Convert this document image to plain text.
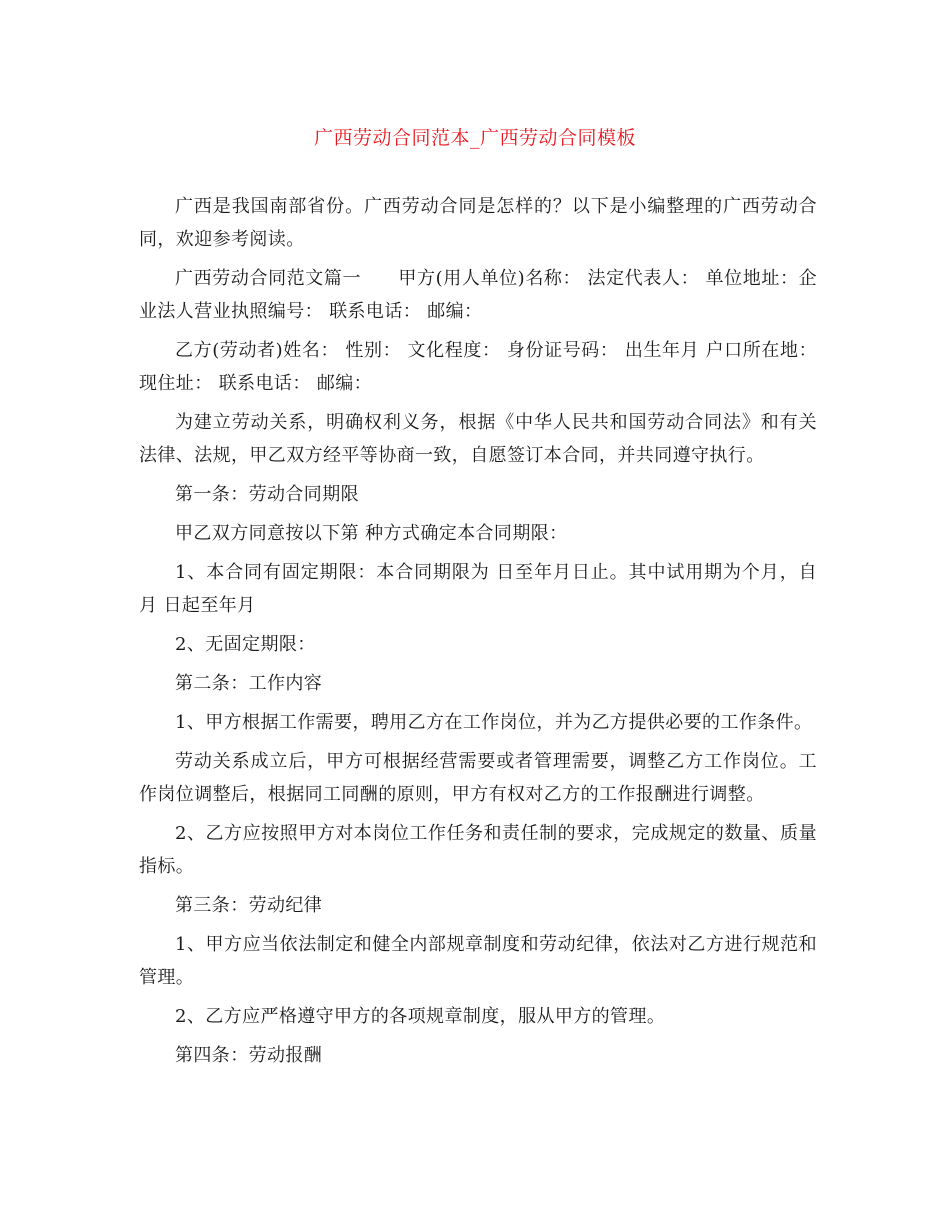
广西劳动合同范本_广西劳动合同模板

广西是我国南部省份。广西劳动合同是怎样的？以下是小编整理的广西劳动合同，欢迎参考阅读。

广西劳动合同范文篇一　　甲方(用人单位)名称： 法定代表人： 单位地址：企业法人营业执照编号： 联系电话： 邮编：

乙方(劳动者)姓名： 性别： 文化程度： 身份证号码： 出生年月 户口所在地： 现住址： 联系电话： 邮编：

为建立劳动关系，明确权利义务，根据《中华人民共和国劳动合同法》和有关法律、法规，甲乙双方经平等协商一致，自愿签订本合同，并共同遵守执行。

第一条：劳动合同期限

甲乙双方同意按以下第 种方式确定本合同期限：

1、本合同有固定期限：本合同期限为 日至年月日止。其中试用期为个月，自月 日起至年月

2、无固定期限：

第二条：工作内容

1、甲方根据工作需要，聘用乙方在工作岗位，并为乙方提供必要的工作条件。

劳动关系成立后，甲方可根据经营需要或者管理需要，调整乙方工作岗位。工作岗位调整后，根据同工同酬的原则，甲方有权对乙方的工作报酬进行调整。

2、乙方应按照甲方对本岗位工作任务和责任制的要求，完成规定的数量、质量指标。

第三条：劳动纪律

1、甲方应当依法制定和健全内部规章制度和劳动纪律，依法对乙方进行规范和管理。

2、乙方应严格遵守甲方的各项规章制度，服从甲方的管理。

第四条：劳动报酬
